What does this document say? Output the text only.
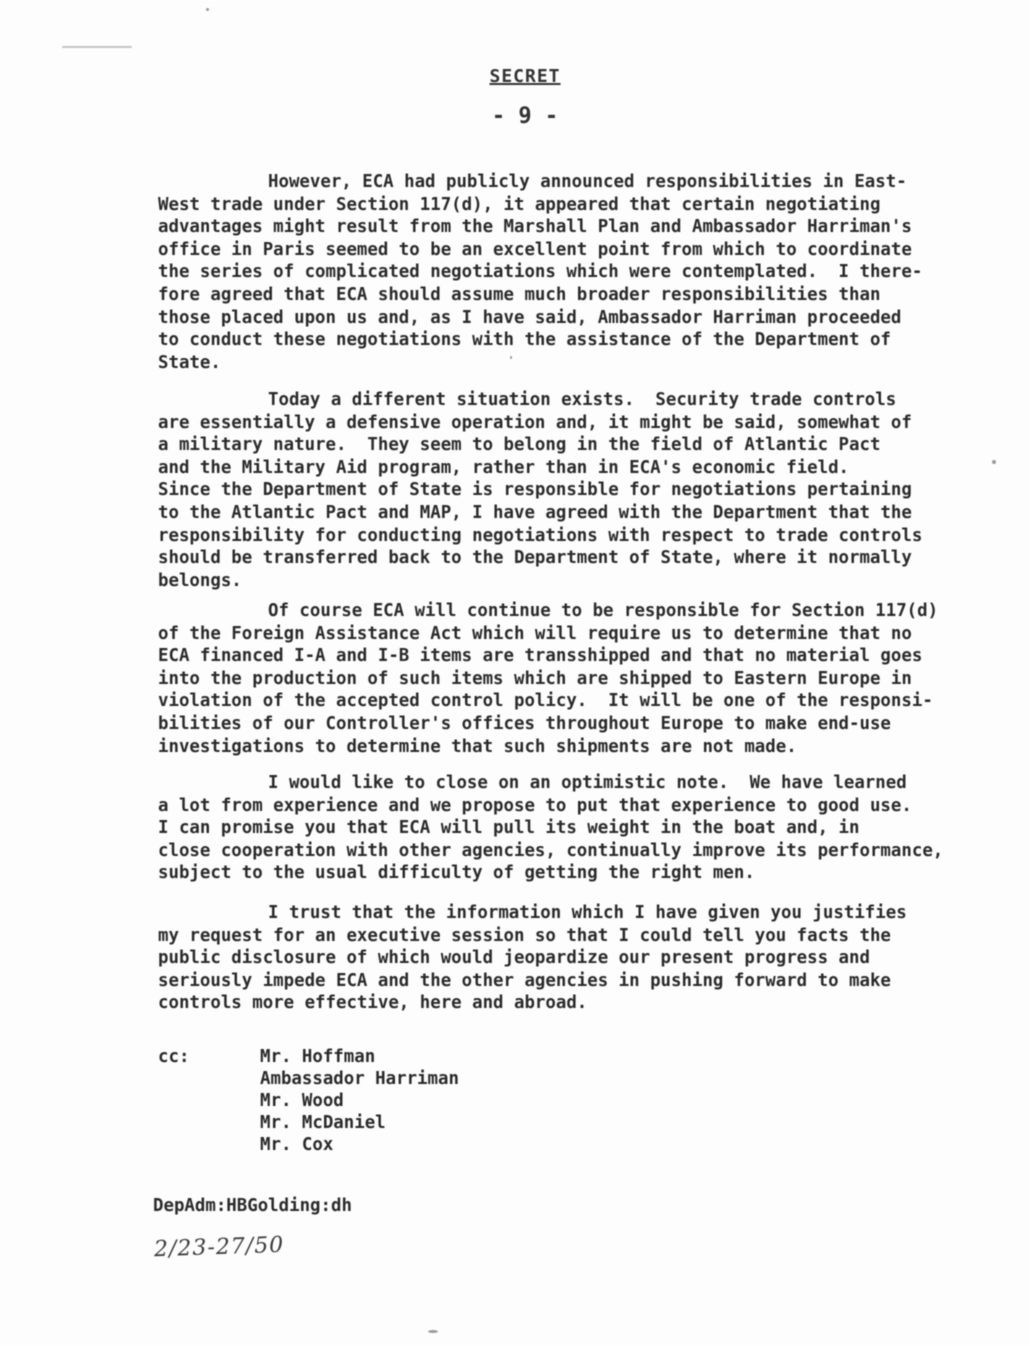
SECRET
- 9 -
However, ECA had publicly announced responsibilities in East-
West trade under Section 117(d), it appeared that certain negotiating
advantages might result from the Marshall Plan and Ambassador Harriman's
office in Paris seemed to be an excellent point from which to coordinate
the series of complicated negotiations which were contemplated.  I there-
fore agreed that ECA should assume much broader responsibilities than
those placed upon us and, as I have said, Ambassador Harriman proceeded
to conduct these negotiations with the assistance of the Department of
State.
Today a different situation exists.  Security trade controls
are essentially a defensive operation and, it might be said, somewhat of
a military nature.  They seem to belong in the field of Atlantic Pact
and the Military Aid program, rather than in ECA's economic field.
Since the Department of State is responsible for negotiations pertaining
to the Atlantic Pact and MAP, I have agreed with the Department that the
responsibility for conducting negotiations with respect to trade controls
should be transferred back to the Department of State, where it normally
belongs.
Of course ECA will continue to be responsible for Section 117(d)
of the Foreign Assistance Act which will require us to determine that no
ECA financed I-A and I-B items are transshipped and that no material goes
into the production of such items which are shipped to Eastern Europe in
violation of the accepted control policy.  It will be one of the responsi-
bilities of our Controller's offices throughout Europe to make end-use
investigations to determine that such shipments are not made.
I would like to close on an optimistic note.  We have learned
a lot from experience and we propose to put that experience to good use.
I can promise you that ECA will pull its weight in the boat and, in
close cooperation with other agencies, continually improve its performance,
subject to the usual difficulty of getting the right men.
I trust that the information which I have given you justifies
my request for an executive session so that I could tell you facts the
public disclosure of which would jeopardize our present progress and
seriously impede ECA and the other agencies in pushing forward to make
controls more effective, here and abroad.
cc:	Mr. Hoffman
Ambassador Harriman
Mr. Wood
Mr. McDaniel
Mr. Cox
DepAdm:HBGolding:dh
2/23-27/50
